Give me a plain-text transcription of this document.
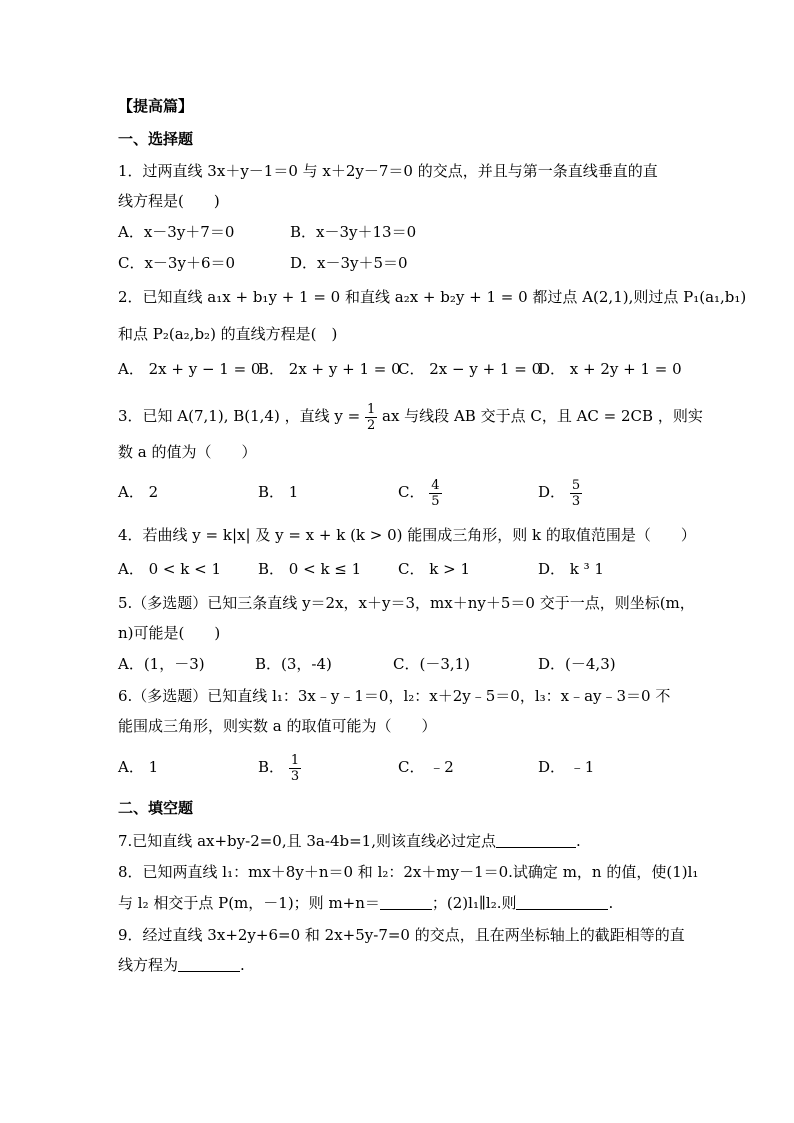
【提高篇】
一、选择题
1．过两直线 3x＋y－1＝0 与 x＋2y－7＝0 的交点，并且与第一条直线垂直的直
线方程是(　　)
A．x－3y＋7＝0	B．x－3y＋13＝0
C．x－3y＋6＝0	D．x－3y＋5＝0
2．已知直线 a₁x + b₁y + 1 = 0 和直线 a₂x + b₂y + 1 = 0 都过点 A(2,1),则过点 P₁(a₁,b₁)
和点 P₂(a₂,b₂) 的直线方程是(　)
A． 2x + y − 1 = 0
B． 2x + y + 1 = 0
C． 2x − y + 1 = 0
D． x + 2y + 1 = 0
3．已知 A(7,1), B(1,4) ，直线 $y = \frac{1}{2}$ ax 与线段 AB 交于点 C，且 AC = 2CB ，则实
数 a 的值为（　　）
A． 2	B． 1	C． $\frac{4}{5}$	D． $\frac{5}{3}$
4．若曲线 y = k|x| 及 y = x + k (k > 0) 能围成三角形，则 k 的取值范围是（　　）
A． 0 < k < 1 B． 0 < k ≤ 1 C． k > 1	D． k ³ 1
5.（多选题）已知三条直线 y＝2x，x＋y＝3，mx＋ny＋5＝0 交于一点，则坐标(m，
n)可能是(　　)
A．(1，－3)	B．(3，-4)	C．(－3,1)	D．(－4,3)
6.（多选题）已知直线 l₁：3x﹣y﹣1＝0，l₂：x＋2y﹣5＝0，l₃：x﹣ay﹣3＝0 不
能围成三角形，则实数 a 的取值可能为（　　）
A． 1	B． $\frac{1}{3}$	C． ﹣2	D． ﹣1
二、填空题
7.已知直线 ax+by-2=0,且 3a-4b=1,则该直线必过定点	.
8．已知两直线 l₁：mx＋8y＋n＝0 和 l₂：2x＋my－1＝0.试确定 m，n 的值，使(1)l₁
与 l₂ 相交于点 P(m，－1)；则 m+n＝	；(2)l₁∥l₂.则	.
9．经过直线 3x+2y+6=0 和 2x+5y-7=0 的交点，且在两坐标轴上的截距相等的直
线方程为	.
